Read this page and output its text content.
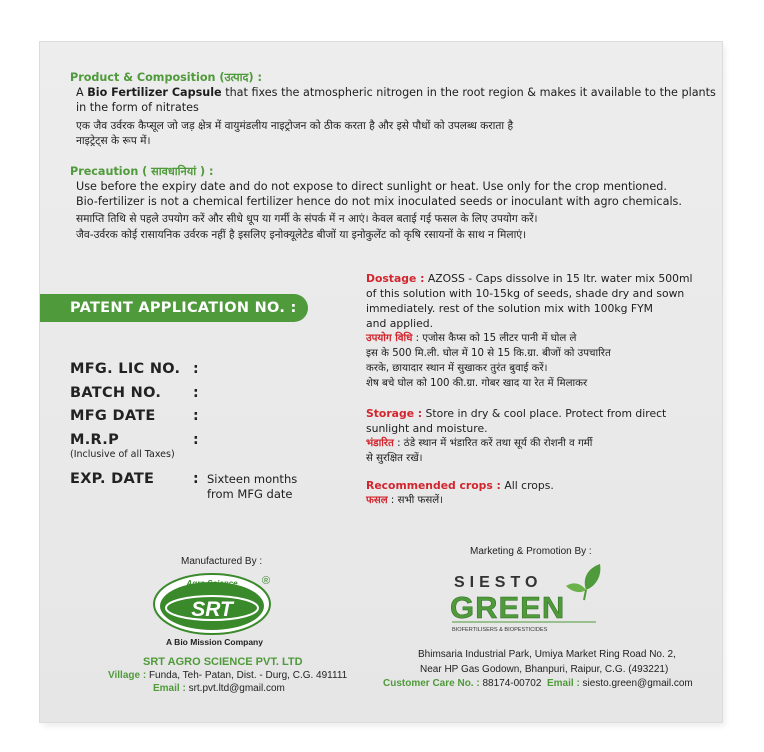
Product & Composition (उत्पाद) :
A Bio Fertilizer Capsule that fixes the atmospheric nitrogen in the root region & makes it available to the plants
in the form of nitrates
एक जैव उर्वरक कैप्सूल जो जड़ क्षेत्र में वायुमंडलीय नाइट्रोजन को ठीक करता है और इसे पौधों को उपलब्ध कराता है
नाइट्रेट्स के रूप में।
Precaution ( सावधानियां ) :
Use before the expiry date and do not expose to direct sunlight or heat. Use only for the crop mentioned.
Bio-fertilizer is not a chemical fertilizer hence do not mix inoculated seeds or inoculant with agro chemicals.
समाप्ति तिथि से पहले उपयोग करें और सीधे धूप या गर्मी के संपर्क में न आएं। केवल बताई गई फसल के लिए उपयोग करें।
जैव-उर्वरक कोई रासायनिक उर्वरक नहीं है इसलिए इनोक्यूलेटेड बीजों या इनोकुलेंट को कृषि रसायनों के साथ न मिलाएं।
PATENT APPLICATION NO. :
MFG. LIC NO. :
BATCH NO. :
MFG DATE	:
M.R.P
(Inclusive of all Taxes)
:
EXP. DATE	: Sixteen months
from MFG date
Dostage : AZOSS - Caps dissolve in 15 ltr. water mix 500ml
of this solution with 10-15kg of seeds, shade dry and sown
immediately. rest of the solution mix with 100kg FYM
and applied.
उपयोग विधि : एजोस कैप्स को 15 लीटर पानी में घोल ले
इस के 500 मि.ली. घोल में 10 से 15 कि.ग्रा. बीजों को उपचारित
करके, छायादार स्थान में सुखाकर तुरंत बुवाई करें।
शेष बचे घोल को 100 की.ग्रा. गोबर खाद या रेत में मिलाकर
Storage : Store in dry & cool place. Protect from direct
sunlight and moisture.
भंडारित : ठंडे स्थान में भंडारित करें तथा सूर्य की रोशनी व गर्मी
से सुरक्षित रखें।
Recommended crops : All crops.
फसल : सभी फसलें।
Manufactured By :
Agro Science
SRT
®
A Bio Mission Company
SRT AGRO SCIENCE PVT. LTD
Village : Funda, Teh- Patan, Dist. - Durg, C.G. 491111
Email : srt.pvt.ltd@gmail.com
Marketing & Promotion By :
SIESTO
GREEN
BIOFERTILISERS & BIOPESTICIDES
Bhimsaria Industrial Park, Umiya Market Ring Road No. 2,
Near HP Gas Godown, Bhanpuri, Raipur, C.G. (493221)
Customer Care No. : 88174-00702 Email : siesto.green@gmail.com
